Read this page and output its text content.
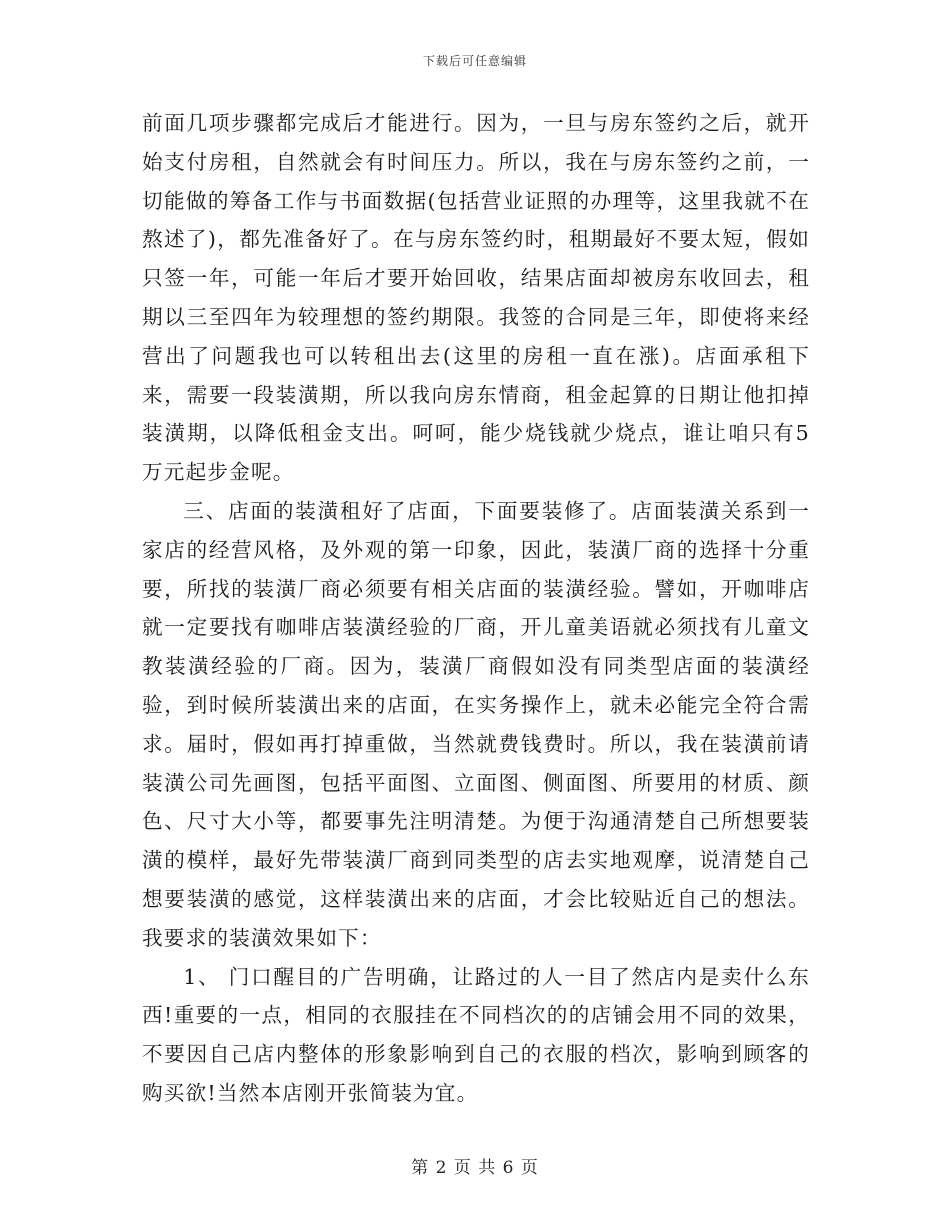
下载后可任意编辑

前面几项步骤都完成后才能进行。因为，一旦与房东签约之后，就开始支付房租，自然就会有时间压力。所以，我在与房东签约之前，一切能做的筹备工作与书面数据(包括营业证照的办理等，这里我就不在熬述了)，都先准备好了。在与房东签约时，租期最好不要太短，假如只签一年，可能一年后才要开始回收，结果店面却被房东收回去，租期以三至四年为较理想的签约期限。我签的合同是三年，即使将来经营出了问题我也可以转租出去(这里的房租一直在涨)。店面承租下来，需要一段装潢期，所以我向房东情商，租金起算的日期让他扣掉装潢期，以降低租金支出。呵呵，能少烧钱就少烧点，谁让咱只有5万元起步金呢。

三、店面的装潢租好了店面，下面要装修了。店面装潢关系到一家店的经营风格，及外观的第一印象，因此，装潢厂商的选择十分重要，所找的装潢厂商必须要有相关店面的装潢经验。譬如，开咖啡店就一定要找有咖啡店装潢经验的厂商，开儿童美语就必须找有儿童文教装潢经验的厂商。因为，装潢厂商假如没有同类型店面的装潢经验，到时候所装潢出来的店面，在实务操作上，就未必能完全符合需求。届时，假如再打掉重做，当然就费钱费时。所以，我在装潢前请装潢公司先画图，包括平面图、立面图、侧面图、所要用的材质、颜色、尺寸大小等，都要事先注明清楚。为便于沟通清楚自己所想要装潢的模样，最好先带装潢厂商到同类型的店去实地观摩，说清楚自己想要装潢的感觉，这样装潢出来的店面，才会比较贴近自己的想法。我要求的装潢效果如下：

1、 门口醒目的广告明确，让路过的人一目了然店内是卖什么东西!重要的一点，相同的衣服挂在不同档次的的店铺会用不同的效果，不要因自己店内整体的形象影响到自己的衣服的档次，影响到顾客的购买欲!当然本店刚开张简装为宜。

第 2 页 共 6 页
